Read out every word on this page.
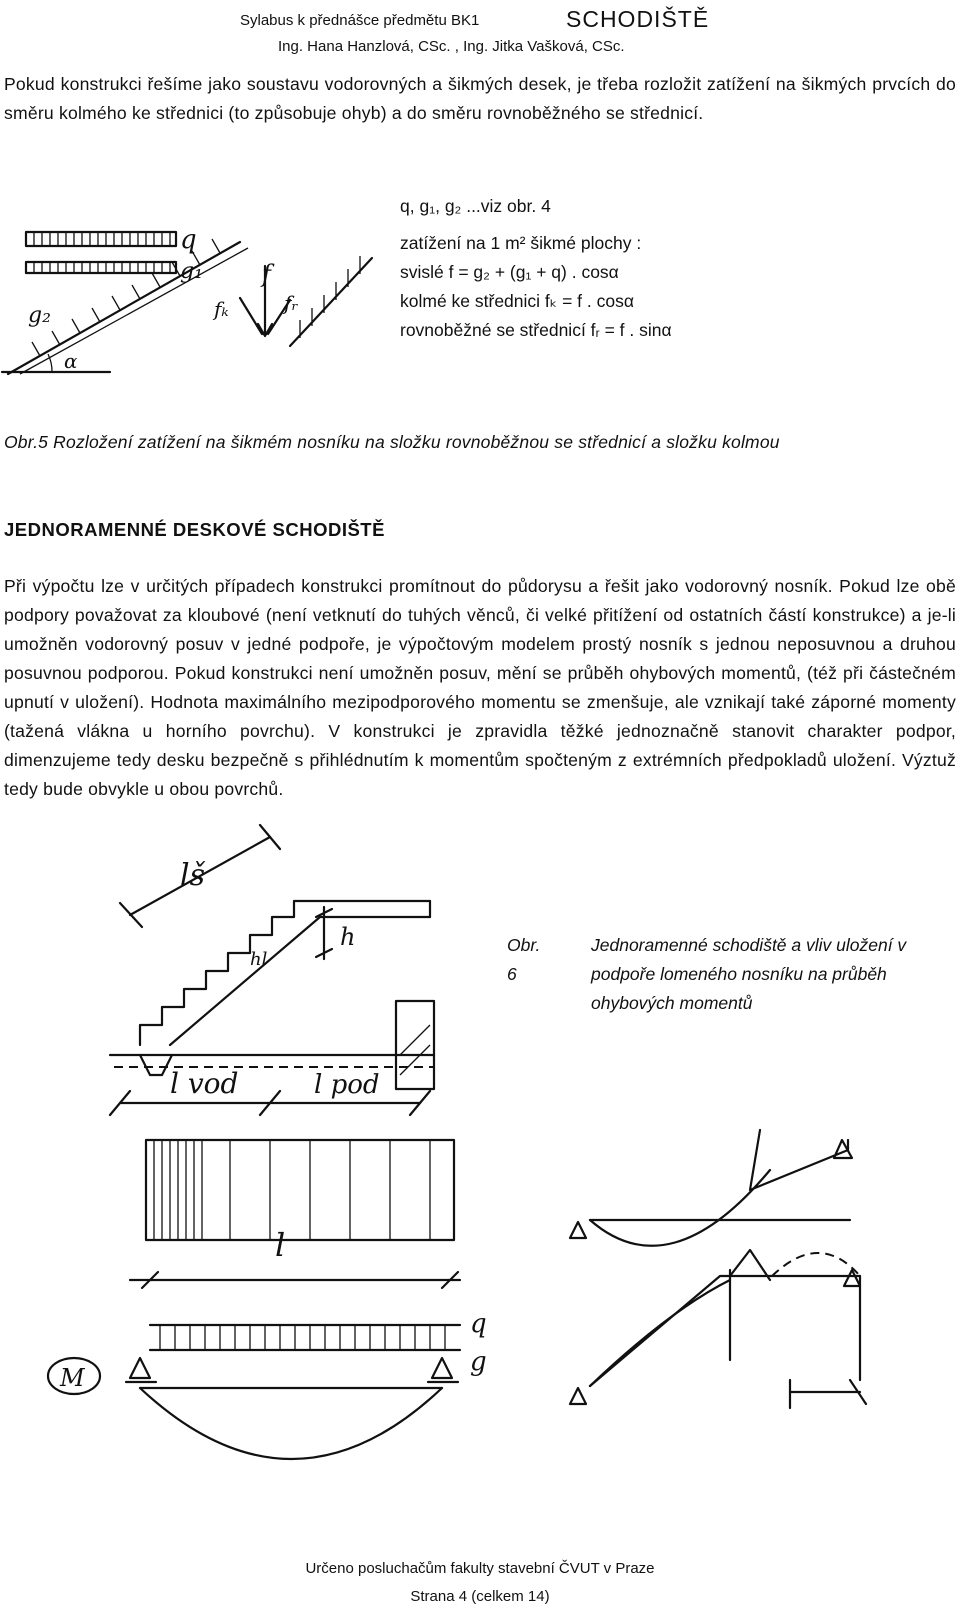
Sylabus k přednášce předmětu BK1	SCHODIŠTĚ
Ing. Hana Hanzlová, CSc. , Ing. Jitka Vašková, CSc.

Pokud konstrukci řešíme jako soustavu vodorovných a šikmých desek, je třeba rozložit zatížení na šikmých prvcích do směru kolmého ke střednici (to způsobuje ohyb) a do směru rovnoběžného se střednicí.

q
g₁
g₂
f
fₖ	fᵣ
α
q, g₁, g₂ ...viz obr. 4
zatížení na 1 m² šikmé plochy :
svislé f = g₂ + (g₁ + q) . cosα
kolmé ke střednici fₖ = f . cosα
rovnoběžné se střednicí fᵣ = f . sinα
Obr.5 Rozložení zatížení na šikmém nosníku na složku rovnoběžnou se střednicí a složku kolmou
JEDNORAMENNÉ DESKOVÉ SCHODIŠTĚ

Při výpočtu lze v určitých případech konstrukci promítnout do půdorysu a řešit jako vodorovný nosník. Pokud lze obě podpory považovat za kloubové (není vetknutí do tuhých věnců, či velké přitížení od ostatních částí konstrukce) a je-li umožněn vodorovný posuv v jedné podpoře, je výpočtovým modelem prostý nosník s jednou neposuvnou a druhou posuvnou podporou. Pokud konstrukci není umožněn posuv, mění se průběh ohybových momentů, (též při částečném upnutí v uložení). Hodnota maximálního mezipodporového momentu se zmenšuje, ale vznikají také záporné momenty (tažená vlákna u horního povrchu). V konstrukci je zpravidla těžké jednoznačně stanovit charakter podpor, dimenzujeme tedy desku bezpečně s přihlédnutím k momentům spočteným z extrémních předpokladů uložení. Výztuž tedy bude obvykle u obou povrchů.

lš
h
hl
l vod	l pod
Obr. 6
Jednoramenné schodiště a vliv uložení v podpoře lomeného nosníku na průběh ohybových momentů
l
q
g
M
Určeno posluchačům fakulty stavební ČVUT v Praze
Strana 4 (celkem 14)
